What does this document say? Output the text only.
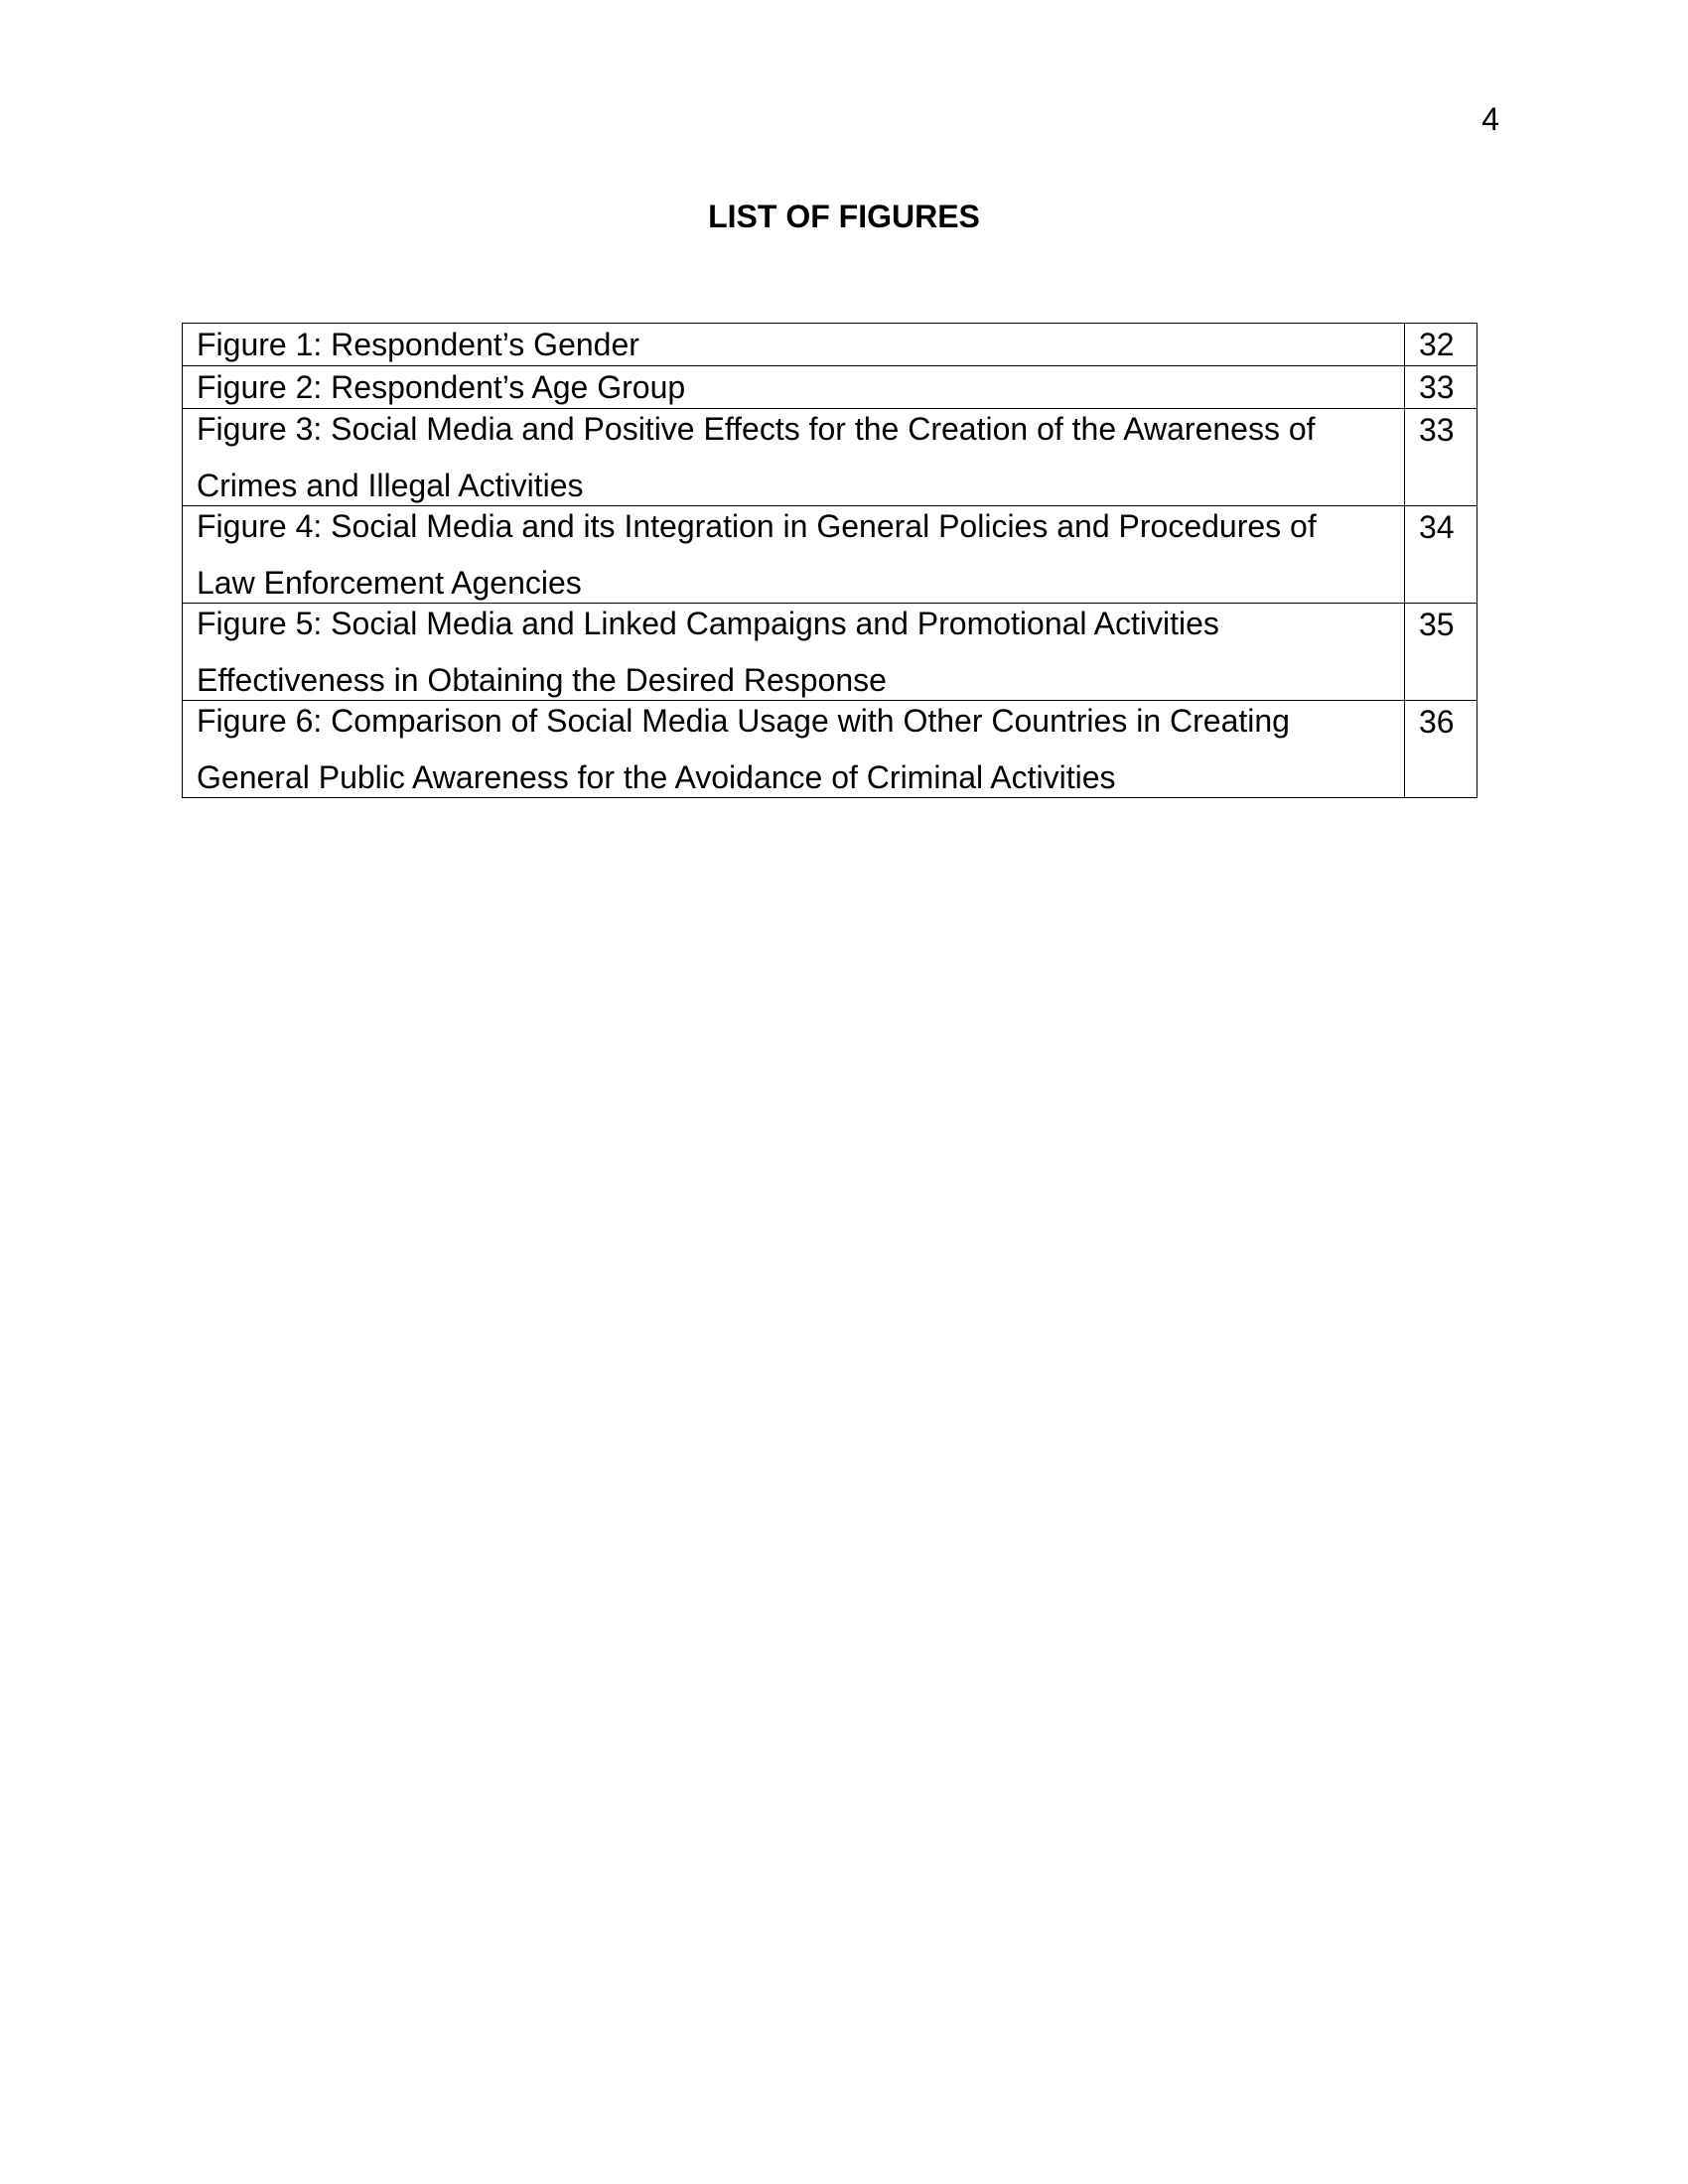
4
LIST OF FIGURES
Figure 1: Respondent’s Gender	32

Figure 2: Respondent’s Age Group	33

Figure 3: Social Media and Positive Effects for the Creation of the Awareness of
Crimes and Illegal Activities	33

Figure 4: Social Media and its Integration in General Policies and Procedures of
Law Enforcement Agencies	34

Figure 5: Social Media and Linked Campaigns and Promotional Activities
Effectiveness in Obtaining the Desired Response	35

Figure 6: Comparison of Social Media Usage with Other Countries in Creating
General Public Awareness for the Avoidance of Criminal Activities	36
